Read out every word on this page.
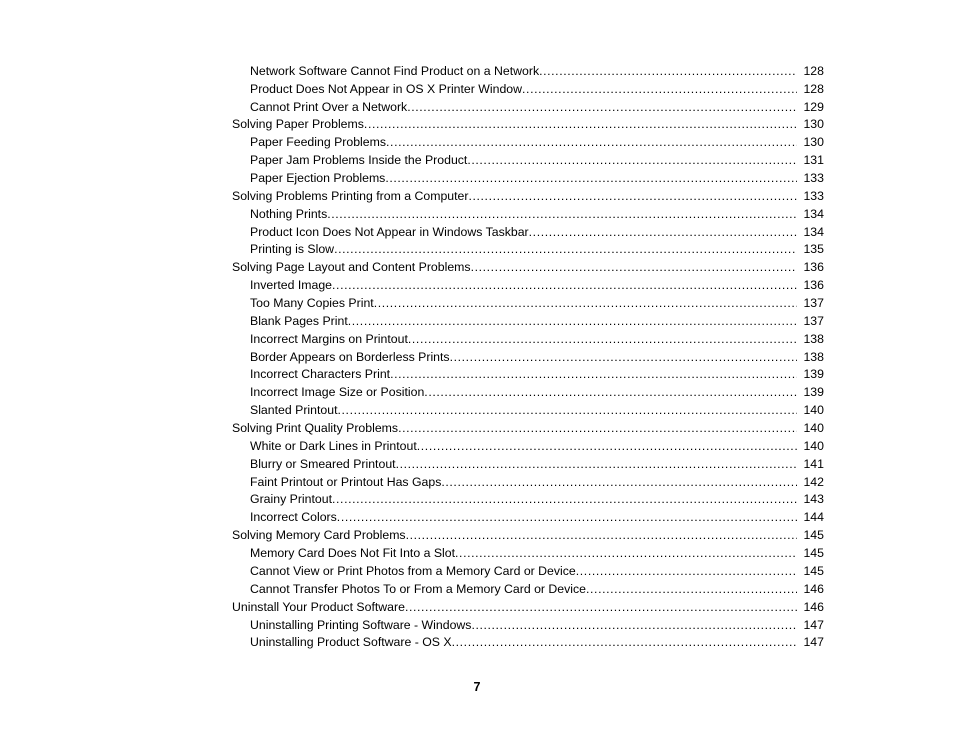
Network Software Cannot Find Product on a Network .....	128
Product Does Not Appear in OS X Printer Window .....	128
Cannot Print Over a Network .....	129
Solving Paper Problems .....	130
Paper Feeding Problems .....	130
Paper Jam Problems Inside the Product .....	131
Paper Ejection Problems .....	133
Solving Problems Printing from a Computer .....	133
Nothing Prints .....	134
Product Icon Does Not Appear in Windows Taskbar .....	134
Printing is Slow .....	135
Solving Page Layout and Content Problems .....	136
Inverted Image .....	136
Too Many Copies Print .....	137
Blank Pages Print .....	137
Incorrect Margins on Printout .....	138
Border Appears on Borderless Prints .....	138
Incorrect Characters Print .....	139
Incorrect Image Size or Position .....	139
Slanted Printout .....	140
Solving Print Quality Problems .....	140
White or Dark Lines in Printout .....	140
Blurry or Smeared Printout .....	141
Faint Printout or Printout Has Gaps .....	142
Grainy Printout .....	143
Incorrect Colors .....	144
Solving Memory Card Problems .....	145
Memory Card Does Not Fit Into a Slot .....	145
Cannot View or Print Photos from a Memory Card or Device .....	145
Cannot Transfer Photos To or From a Memory Card or Device .....	146
Uninstall Your Product Software .....	146
Uninstalling Printing Software - Windows .....	147
Uninstalling Product Software - OS X .....	147
7
